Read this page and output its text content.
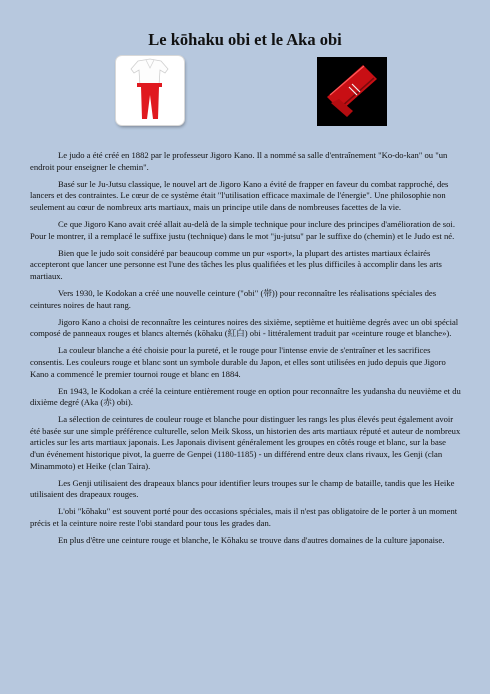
Le kōhaku obi et le Aka obi

Le judo a été créé en 1882 par le professeur Jigoro Kano. Il a nommé sa salle d'entraînement "Ko-do-kan" ou "un endroit pour enseigner le chemin".

Basé sur le Ju-Jutsu classique, le nouvel art de Jigoro Kano a évité de frapper en faveur du combat rapproché, des lancers et des contraintes. Le cœur de ce système était "l'utilisation efficace maximale de l'énergie". Une philosophie non seulement au cœur de nombreux arts martiaux, mais un principe utile dans de nombreuses facettes de la vie.

Ce que Jigoro Kano avait créé allait au-delà de la simple technique pour inclure des principes d'amélioration de soi. Pour le montrer, il a remplacé le suffixe justu (technique) dans le mot "ju-jutsu" par le suffixe do (chemin) et le Judo est né.

Bien que le judo soit considéré par beaucoup comme un pur «sport», la plupart des artistes martiaux éclairés accepteront que lancer une personne est l'une des tâches les plus qualifiées et les plus difficiles à accomplir dans les arts martiaux.

Vers 1930, le Kodokan a créé une nouvelle ceinture ("obi" (帯)) pour reconnaître les réalisations spéciales des ceintures noires de haut rang.

Jigoro Kano a choisi de reconnaître les ceintures noires des sixième, septième et huitième degrés avec un obi spécial composé de panneaux rouges et blancs alternés (kōhaku (紅白) obi - littéralement traduit par «ceinture rouge et blanche»).

La couleur blanche a été choisie pour la pureté, et le rouge pour l'intense envie de s'entraîner et les sacrifices consentis. Les couleurs rouge et blanc sont un symbole durable du Japon, et elles sont utilisées en judo depuis que Jigoro Kano a commencé le premier tournoi rouge et blanc en 1884.

En 1943, le Kodokan a créé la ceinture entièrement rouge en option pour reconnaître les yudansha du neuvième et du dixième degré (Aka (赤) obi).

La sélection de ceintures de couleur rouge et blanche pour distinguer les rangs les plus élevés peut également avoir été basée sur une simple préférence culturelle, selon Meik Skoss, un historien des arts martiaux réputé et auteur de nombreux articles sur les arts martiaux japonais. Les Japonais divisent généralement les groupes en côtés rouge et blanc, sur la base d'un événement historique pivot, la guerre de Genpei (1180-1185) - un différend entre deux clans rivaux, les Genji (clan Minammoto) et Heike (clan Taira).

Les Genji utilisaient des drapeaux blancs pour identifier leurs troupes sur le champ de bataille, tandis que les Heike utilisaient des drapeaux rouges.

L'obi "kōhaku" est souvent porté pour des occasions spéciales, mais il n'est pas obligatoire de le porter à un moment précis et la ceinture noire reste l'obi standard pour tous les grades dan.

En plus d'être une ceinture rouge et blanche, le Kōhaku se trouve dans d'autres domaines de la culture japonaise.
